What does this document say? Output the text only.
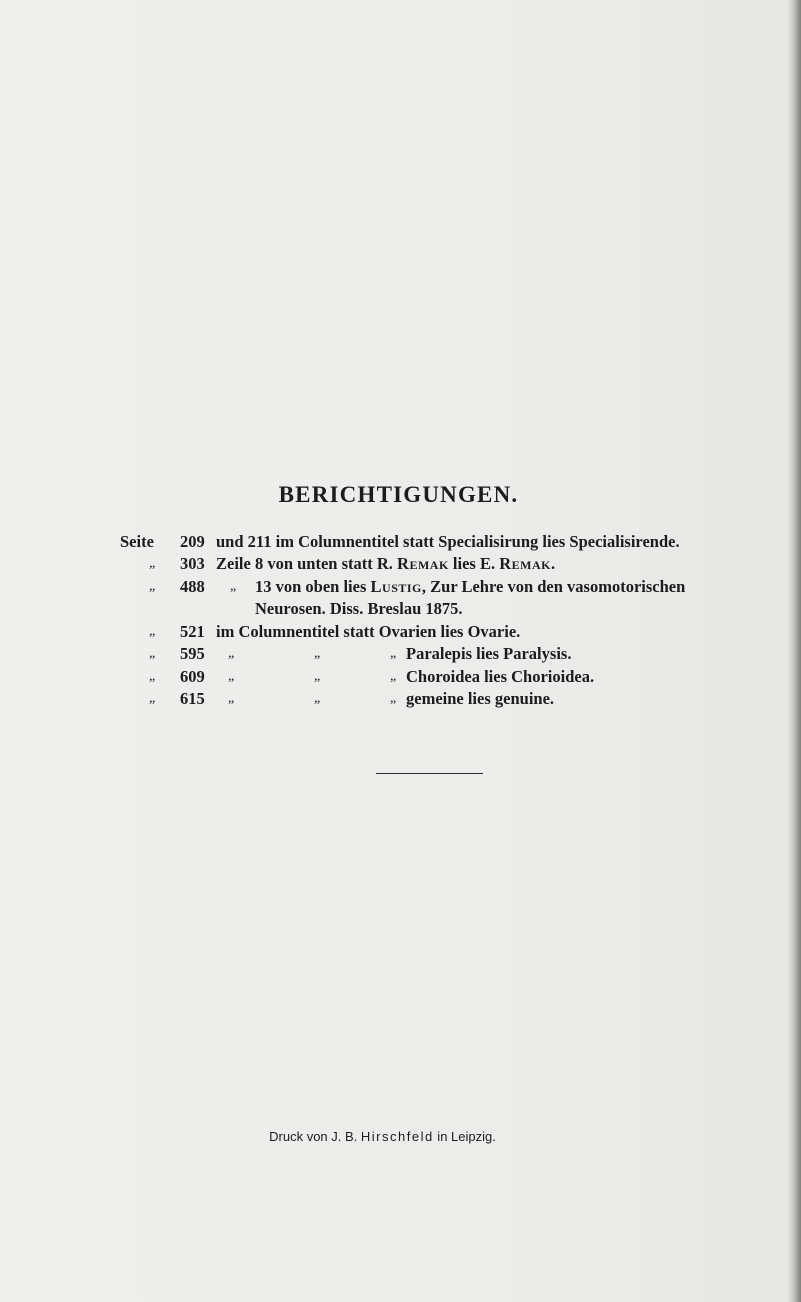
BERICHTIGUNGEN.
Seite 209 und 211 im Columnentitel statt Specialisirung lies Specialisirende.
„ 303 Zeile 8 von unten statt R. Remak lies E. Remak.
„ 488 „ 13 von oben lies Lustig, Zur Lehre von den vasomotorischen
Neurosen. Diss. Breslau 1875.
„ 521 im Columnentitel statt Ovarien lies Ovarie.
„ 595 „	„	„ Paralepis lies Paralysis.
„ 609 „	„	„ Choroidea lies Chorioidea.
„ 615 „	„	„ gemeine lies genuine.
Druck von J. B. Hirschfeld in Leipzig.
